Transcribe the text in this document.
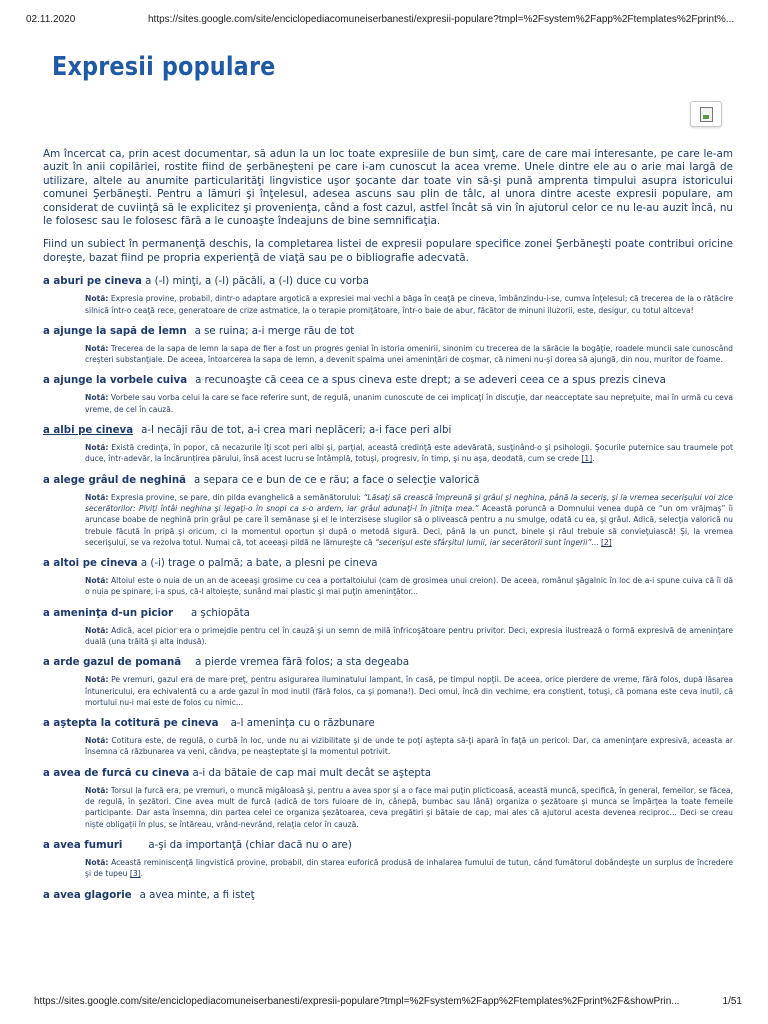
02.11.2020	https://sites.google.com/site/enciclopediacomuneiserbanesti/expresii-populare?tmpl=%2Fsystem%2Fapp%2Ftemplates%2Fprint%...
Expresii populare

Am încercat ca, prin acest documentar, să adun la un loc toate expresiile de bun simţ, care de care mai interesante, pe care le-am auzit în anii copilăriei, rostite fiind de şerbăneşteni pe care i-am cunoscut la acea vreme. Unele dintre ele au o arie mai largă de utilizare, altele au anumite particularităţi lingvistice uşor şocante dar toate vin să-şi pună amprenta timpului asupra istoricului comunei Şerbăneşti. Pentru a lămuri şi înţelesul, adesea ascuns sau plin de tâlc, al unora dintre aceste expresii populare, am considerat de cuviinţă să le explicitez şi provenienţa, când a fost cazul, astfel încât să vin în ajutorul celor ce nu le-au auzit încă, nu le folosesc sau le folosesc fără a le cunoaşte îndeajuns de bine semnificaţia.

Fiind un subiect în permanenţă deschis, la completarea listei de expresii populare specifice zonei Şerbăneşti poate contribui oricine doreşte, bazat fiind pe propria experienţă de viaţă sau pe o bibliografie adecvată.

a aburi pe cineva a (-I) minţi, a (-I) păcăli, a (-I) duce cu vorba

Notă: Expresia provine, probabil, dintr-o adaptare argotică a expresiei mai vechi a băga în ceaţă pe cineva, îmbânzindu-i-se, cumva înţelesul; că trecerea de la o rătăcire silnică într-o ceaţă rece, generatoare de crize astmatice, la o terapie promiţătoare, într-o baie de abur, făcător de minuni iluzorii, este, desigur, cu totul altceva!

a ajunge la sapă de lemn a se ruina; a-i merge rău de tot

Notă: Trecerea de la sapa de lemn la sapa de fier a fost un progres genial în istoria omenirii, sinonim cu trecerea de la sărăcie la bogăţie, roadele muncii sale cunoscând creşteri substanţiale. De aceea, întoarcerea la sapa de lemn, a devenit spaima unei amenințări de coşmar, că nimeni nu-şi dorea să ajungă, din nou, muritor de foame.

a ajunge la vorbele cuiva a recunoaşte că ceea ce a spus cineva este drept; a se adeveri ceea ce a spus prezis cineva

Notă: Vorbele sau vorba celui la care se face referire sunt, de regulă, unanim cunoscute de cei implicaţi în discuţie, dar neacceptate sau nepreţuite, mai în urmă cu ceva vreme, de cel în cauză.

a albi pe cineva a-I necăji rău de tot, a-i crea mari neplăceri; a-i face peri albi

Notă: Există credinţa, în popor, că necazurile îţi scot peri albi şi, parţial, această credinţă este adevărată, susţinând-o şi psihologii. Şocurile puternice sau traumele pot duce, într-adevăr, la încărunțirea părului, însă acest lucru se întâmplă, totuşi, progresiv, în timp, şi nu aşa, deodată, cum se crede [1].

a alege grâul de neghină a separa ce e bun de ce e rău; a face o selecţie valorică

Notă: Expresia provine, se pare, din pilda evanghelică a semănătorului: “Lăsaţi să crească împreună şi grâul şi neghina, până la seceriş, şi la vremea secerişului voi zice secerătorilor: Plviţi întâi neghina şi legaţi-o în snopi ca s-o ardem, iar grâul adunaţi-l în jitniţa mea.” Această poruncă a Domnului venea după ce “un om vrăjmaş” îi aruncase boabe de neghină prin grâul pe care îl semănase şi el le interzisese slugilor să o plivească pentru a nu smulge, odată cu ea, şi grâul. Adică, selecţia valorică nu trebuie făcută în pripă şi oricum, ci la momentul oportun şi după o metodă sigură. Deci, până la un punct, binele şi răul trebuie să convieţuiască! Şi, la vremea secerişului, se va rezolva totul. Numai că, tot aceeaşi pildă ne lămureşte că “secerişul este sfârşitul lumii, iar secerătorii sunt îngerii”... [2]

a altoi pe cineva a (-i) trage o palmă; a bate, a plesni pe cineva

Notă: Altoiul este o nuia de un an de aceeaşi grosime cu cea a portaltoiului (cam de grosimea unui creion). De aceea, românul şăgalnic în loc de a-i spune cuiva că îi dă o nuia pe spinare, i-a spus, că-l altoieşte, sunând mai plastic şi mai puţin ameninţător...

a ameninţa d-un picior a şchiopăta

Notă: Adică, acel picior era o primejdie pentru cel în cauză şi un semn de milă înfricoşătoare pentru privitor. Deci, expresia ilustrează o formă expresivă de ameninţare duală (una trăită şi alta indusă).

a arde gazul de pomană a pierde vremea fără folos; a sta degeaba

Notă: Pe vremuri, gazul era de mare preţ, pentru asigurarea iluminatului lampant, în casă, pe timpul nopţii. De aceea, orice pierdere de vreme, fără folos, după lăsarea întunericului, era echivalentă cu a arde gazul în mod inutil (fără folos, ca şi pomana!). Deci omul, încă din vechime, era conştient, totuşi, că pomana este ceva inutil, că mortului nu-i mai este de folos cu nimic...

a aştepta la cotitură pe cineva a-I ameninţa cu o răzbunare

Notă: Cotitura este, de regulă, o curbă în loc, unde nu ai vizibilitate şi de unde te poţi aştepta să-ţi apară în faţă un pericol. Dar, ca ameninţare expresivă, aceasta ar însemna că răzbunarea va veni, cândva, pe neaşteptate şi la momentul potrivit.

a avea de furcă cu cineva a-i da bătaie de cap mai mult decât se aştepta

Notă: Torsul la furcă era, pe vremuri, o muncă migăloasă şi, pentru a avea spor şi a o face mai puţin plicticoasă, această muncă, specifică, în general, femeilor, se făcea, de regulă, în şezători. Cine avea mult de furcă (adică de tors fuioare de in, cânepă, bumbac sau lână) organiza o şezătoare şi munca se împărţea la toate femeile participante. Dar asta însemna, din partea celei ce organiza şezătoarea, ceva pregătiri şi bătaie de cap, mai ales că ajutorul acesta devenea reciproc... Deci se creau niște obligații în plus, se întăreau, vrând-nevrând, relaţia celor în cauză.

a avea fumuri	a-şi da importanţă (chiar dacă nu o are)

Notă: Această reminiscenţă lingvistică provine, probabil, din starea euforică produsă de inhalarea fumului de tutun, când fumătorul dobândeşte un surplus de încredere şi de tupeu [3].

a avea glagorie a avea minte, a fi isteţ

https://sites.google.com/site/enciclopediacomuneiserbanesti/expresii-populare?tmpl=%2Fsystem%2Fapp%2Ftemplates%2Fprint%2F&showPrin...	1/51
